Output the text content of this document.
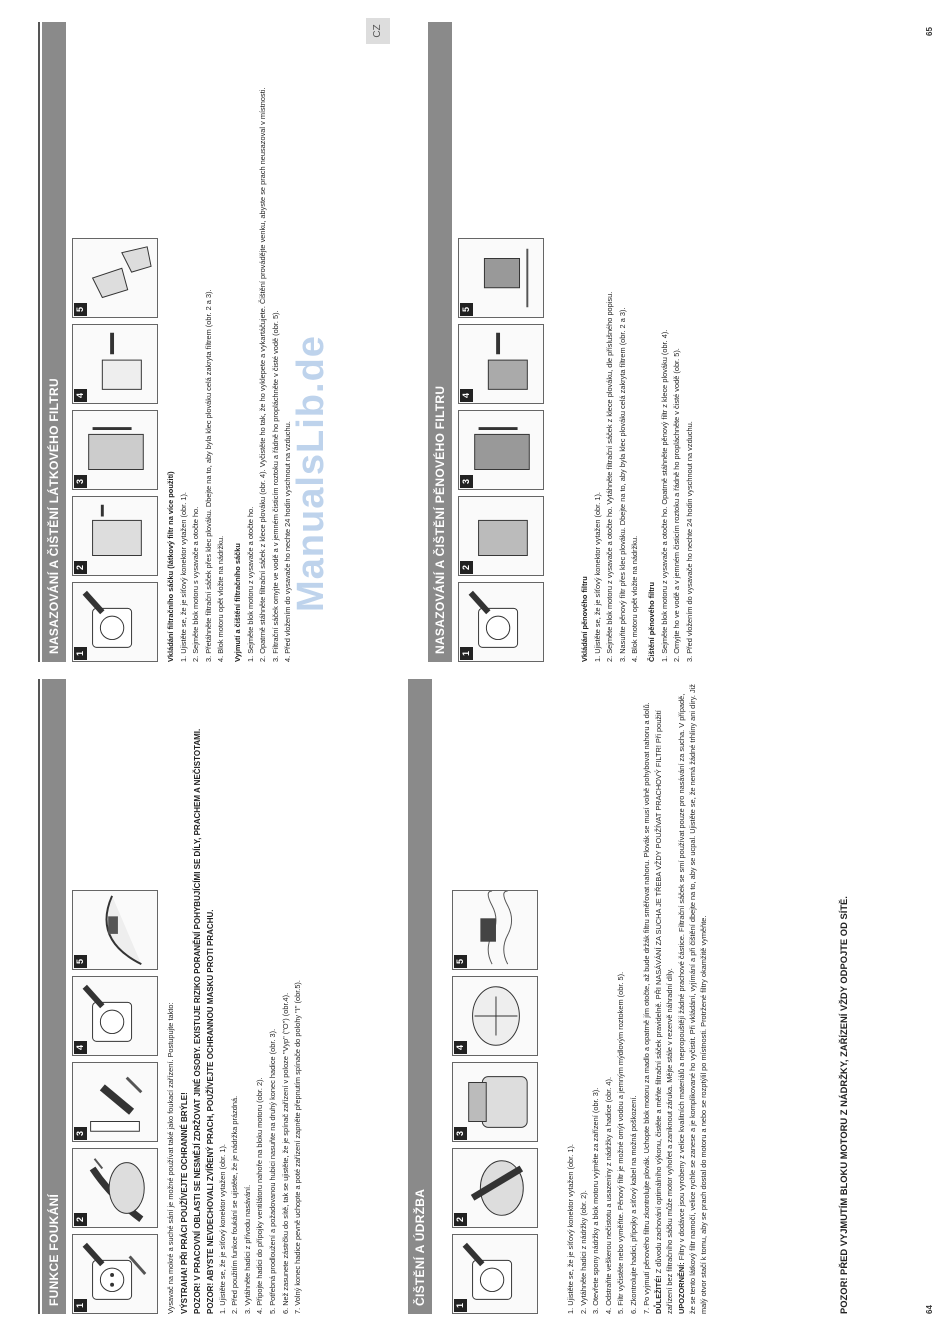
FUNKCE FOUKÁNÍ	1
2
3
4
5

Vysavač na mokré a suché sání je možné používat také jako foukací zařízení. Postupujte takto: VÝSTRAHA! PŘI PRÁCI POUŽÍVEJTE OCHRANNÉ BRÝLE! POZOR! V PRACOVNÍ OBLASTI SE NESMĚJÍ ZDRŽOVAT JINÉ OSOBY. EXISTUJE RIZIKO PORANĚNÍ POHYBUJÍCÍMI SE DÍLY, PRACHEM A NEČISTOTAMI. POZOR! ABYSTE NEVDECHOVALI ZVÍŘENÝ PRACH, POUŽÍVEJTE OCHRANNOU MASKU PROTI PRACHU. 1. Ujistěte se, že je síťový konektor vytažen (obr. 1). 2. Před použitím funkce foukání se ujistěte, že je nádržka prázdná. 3. Vytáhněte hadici z přívodu nasávání. 4. Připojte hadici do přípojky ventilátoru nahoře na bloku motoru (obr. 2). 5. Potřebná prodloužení a požadovanou hubici nasuňte na druhý konec hadice (obr. 3). 6. Než zasunete zástrčku do sítě, tak se ujistěte, že je spínač zařízení v poloze "Vyp" ("O") (obr.4). 7. Volný konec hadice pevně uchopte a poté zařízení zapněte přepnutím spínače do polohy "I" (obr.5).	ČIŠTĚNÍ A ÚDRŽBA	1
2
3
4
5

1. Ujistěte se, že je síťový konektor vytažen (obr. 1). 2. Vytáhněte hadici z nádržky (obr. 2). 3. Otevřete spony nádržky a blok motoru vyjměte za zařízení (obr. 3). 4. Odstraňte veškerou nečistotu a usazeniny z nádržky a hadice (obr. 4). 5. Filtr vyčistěte nebo vyměňte. Pěnový filtr je možné omýt vodou a jemným mýdlovým roztokem (obr. 5). 6. Zkontrolujte hadici, přípojky a síťový kabel na možná poškození. 7. Po vyjmutí pěnového filtru zkontrolujte plovák. Uchopte blok motoru za madlo a opatrně jím otočte, až bude držák filtru směřovat nahoru. Plovák se musí volně pohybovat nahoru a dolů. DŮLEŽITÉ! Z důvodu zachování optimálního výkonu, čistěte a měňte filtrační sáček pravidelně. PŘI NASÁVÁNÍ ZA SUCHA JE TŘEBA VŽDY POUŽÍVAT PRACHOVÝ FILTR! Při použití zařízení bez filtračního sáčku může motor vyhořet a zaniknout záruka. Mějte stále v rezervě náhradní díly. UPOZORNĚNÍ: Filtry v dodávce jsou vyrobeny z velice kvalitních materiálů a nepropouštějí žádné prachové částice. Filtrační sáček se smí používat pouze pro nasávání za sucha. V případě, že se tento látkový filtr namočí, velice rychle se zanese a je komplikované ho vyčistit. Při vkládání, vyjímání a při čištění dbejte na to, aby se ucpal. Ujistěte se, že nemá žádné trhliny ani díry. Již malý otvor stačí k tomu, aby se prach dostal do motoru a nebo se rozptýlil po místnosti. Protržené filtry okamžitě vyměňte.	POZOR! PŘED VYJMUTÍM BLOKU MOTORU Z NÁDRŽKY, ZAŘÍZENÍ VŽDY ODPOJTE OD SÍTĚ.	64
NASAZOVÁNÍ A ČIŠTĚNÍ LÁTKOVÉHO FILTRU	1
2
3
4
5

Vkládání filtračního sáčku (látkový filtr na více použití) 1. Ujistěte se, že je síťový konektor vytažen (obr. 1). 2. Sejměte blok motoru s vysavače a otočte ho. 3. Přetáhněte filtrační sáček přes klec plováku. Dbejte na to, aby byla klec plováku celá zakryta filtrem (obr. 2 a 3). 4. Blok motoru opět vložte na nádržku. Vyjmutí a čištění filtračního sáčku 1. Sejměte blok motoru z vysavače a otočte ho. 2. Opatrně stáhněte filtrační sáček z klece plováku (obr. 4). Vyčistěte ho tak, že ho vyklepete a vykartáčujete. Čištění provádějte venku, abyste se prach neusazoval v místnosti. 3. Filtrační sáček omyjte ve vodě a v jemném čisticím roztoku a řádně ho propláchněte v čisté vodě (obr. 5). 4. Před vložením do vysavače ho nechte 24 hodin vyschnout na vzduchu.	NASAZOVÁNÍ A ČIŠTĚNÍ PĚNOVÉHO FILTRU	1
2
3
4
5

Vkládání pěnového filtru 1. Ujistěte se, že je síťový konektor vytažen (obr. 1). 2. Sejměte blok motoru z vysavače a otočte ho. Vytáhněte filtrační sáček z klece plováku, dle příslušného popisu. 3. Nasuňte pěnový filtr přes klec plováku. Dbejte na to, aby byla klec plováku celá zakryta filtrem (obr. 2 a 3). 4. Blok motoru opět vložte na nádržku. Čištění pěnového filtru 1. Sejměte blok motoru z vysavače a otočte ho. Opatrně stáhněte pěnový filtr z klece plováku (obr. 4). 2. Omyjte ho ve vodě a v jemném čisticím roztoku a řádně ho propláchněte v čisté vodě (obr. 5). 3. Před vložením do vysavače ho nechte 24 hodin vyschnout na vzduchu.

CZ	65
ManualsLib.de
